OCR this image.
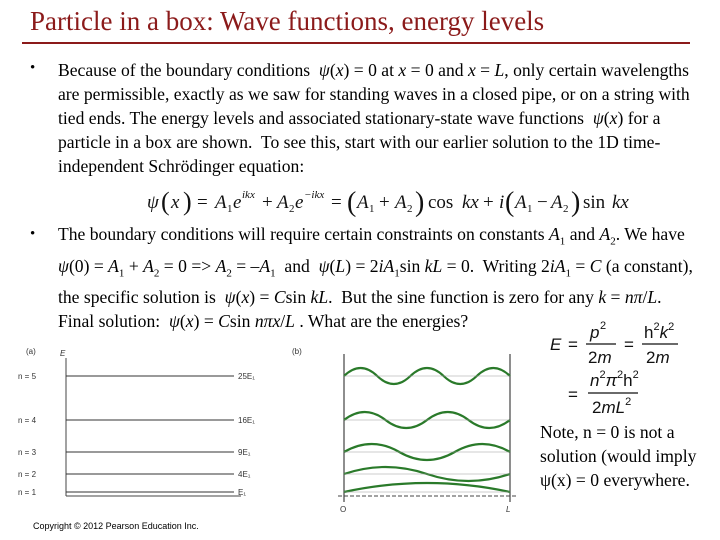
Particle in a box: Wave functions, energy levels
• Because of the boundary conditions  ψ(x) = 0 at x = 0 and x = L, only certain wavelengths are permissible, exactly as we saw for standing waves in a closed pipe, or on a string with tied ends. The energy levels and associated stationary-state wave functions  ψ(x) for a particle in a box are shown.  To see this, start with our earlier solution to the 1D time-independent Schrödinger equation:
ψ ( x ) = A 1 e ikx + A 2 e −ikx = ( A 1 + A 2 ) cos kx + i ( A 1 − A 2 ) sin kx
• The boundary conditions will require certain constraints on constants $A_1$ and $A_2$. We have  $\psi(0) = A_1 + A_2 = 0 => A_2 = -A_1$  and  $\psi(L) = 2iA_1\sin$ kL = 0.  Writing $2iA_1 = C$ (a constant), the specific solution is  ψ(x) = Csin kL.  But the sine function is zero for any k = nπ/L. Final solution:  ψ(x) = Csin nπx/L . What are the energies?
E =
p 2
2m
=
$h^2k^2$
2m
=
$n^2\pi^2h^2$
$2mL^2$
Note, n = 0 is not a solution (would imply ψ(x) = 0 everywhere.
(a)	E
n = 5
n = 4
n = 3
n = 2
n = 1
25E₁
16E₁
9E₁
4E₁
E₁
(b)
O	L
Copyright © 2012 Pearson Education Inc.
